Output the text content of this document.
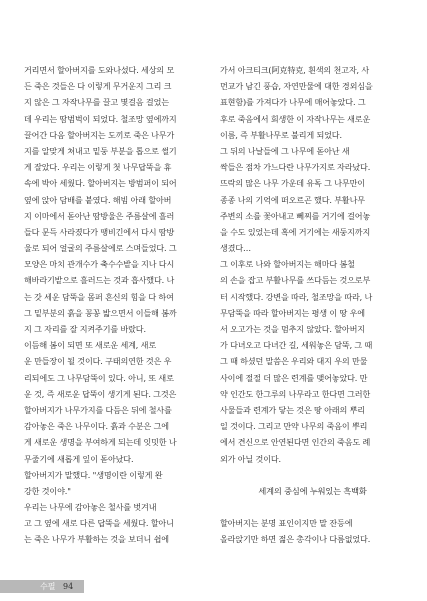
거리면서 할아버지를 도와나섰다. 세상의 모
든 죽은 것들은 다 이렇게 무거운지 그리 크
지 않은 그 자작나무를 끌고 몇걸음 걸었는
데 우리는 땀범벅이 되었다. 철조망 옆에까지
끌어간 다음 할아버지는 도끼로 죽은 나무가
지를 알맞게 쳐내고 밑둥 부분을 톱으로 썰기
게 잘았다. 우리는 이렇게 첫 나무답뚝을 휴
속에 박아 세웠다. 할아버지는 방범퍼이 되어
옆에 앉아 담배를 붙였다. 해빔 아래 할아버
지 이마에서 돋아난 땀방울은 주름살에 흘러
들다 문득 사라졌다가 땡비긴에서 다시 땀방
울로 되어 얼굴의 주름살에로 스며들었다. 그
모양은 마치 관개수가 축수수밭을 지나 다시
해바라기밭으로 흘러드는 것과 흡사했다. 나
는 갓 세운 담뚝을 몸퍼 흔신의 힘을 다 하여
그 밑부분의 흙을 꽁꽁 밟으면서 이들해 봄까
지 그 자리를 잘 지켜주기를 바랐다.
이듬해 봄이 되면 또 새로운 세계, 새로
운 만들장이 될 것이다. 구태의연한 것은 우
리되에도 그 나무담뚝이 있다. 아니, 또 새로
운 것, 즉 새로운 답뚝이 생기게 된다. 그것은
할아버지가 나무가지를 다듬은 뒤에 철사를
감아놓은 죽은 나무이다. 흙과 수분은 그에
게 새로운 생명을 부여하게 되는데 잇밋한 나
무줄기에 새롭게 잎이 돋아났다.
할아버지가 말했다. "생명이란 이렇게 완
강한 것이야."
우리는 나무에 감아놓은 철사를 벗겨내
고 그 옆에 새로 다른 답뚝을 세웠다. 할아니
는 죽은 나무가 부활하는 것을 보더니 쉽에
가서 아크티크(阿克特克, 흰색의 천고자, 사
먼교가 남긴 풍습, 자연만물에 대한 경외심을
표현함)를 가져다가 나무에 매어놓았다. 그
후로 죽음에서 회생한 이 자작나무는 새로운
이름, 즉 부활나무로 불리게 되었다.
그 뒤의 나날들에 그 나무에 돋아난 새
싹들은 점차 가느다란 나무가지로 자라났다.
뜨락의 많은 나무 가운데 유독 그 나무만이
종종 나의 기억에 떠오르곤 했다. 부활나무
주변의 소를 꽃아내고 뻬찌를 거기에 걸어놓
을 수도 있었는데 혹에 거기에는 새둥지까지
생겼다…
그 이후로 나와 할아버지는 해마다 봄철
의 손을 잡고 부활나무를 쓰다듬는 것으로부
터 시작했다. 강변을 따라, 철조망을 따라, 나
무담뚝을 따라 할아버지는 평생 이 땅 우에
서 오고가는 것을 멈추지 않았다. 할아버지
가 다녀오고 다녀간 길, 세워놓은 담뚝, 그 때
그 때 하셨던 말씀은 우리와 대지 우의 만물
사이에 절절 더 많은 련계를 맺어놓았다. 만
약 인간도 한그루의 나무라고 한다면 그러한
사물들과 련계가 닿는 것은 땅 아래의 뿌리
일 것이다. 그리고 만약 나무의 죽음이 뿌리
에서 견신으로 안연된다면 인간의 죽음도 례
외가 아닐 것이다.
세계의 중심에 누워있는 흑백화
할아버지는 분명 표인이지만 말 잔등에
올라앉기만 하면 젊은 총각이나 다름없었다.
수필 94
